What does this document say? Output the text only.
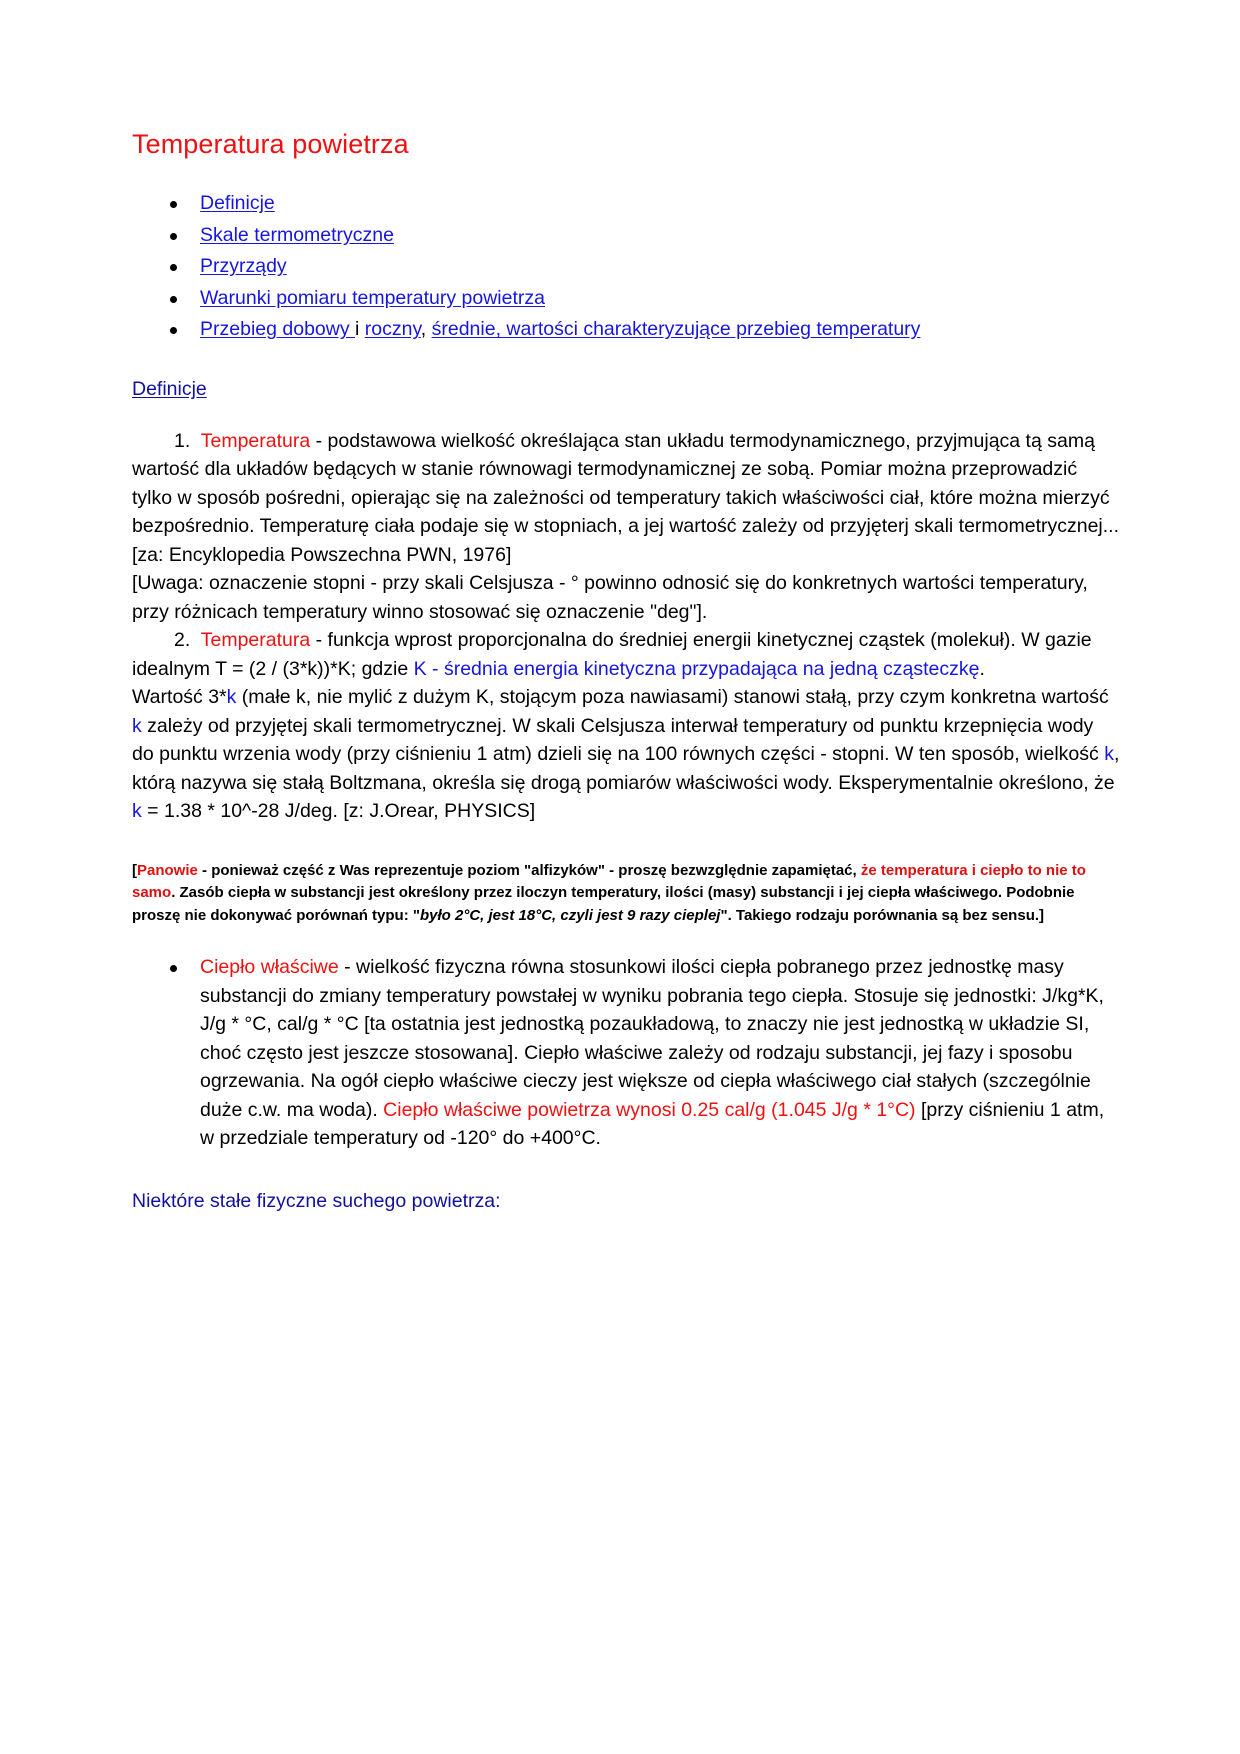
Temperatura powietrza
Definicje
Skale termometryczne
Przyrządy
Warunki pomiaru temperatury powietrza
Przebieg dobowy i roczny, średnie, wartości charakteryzujące przebieg temperatury
Definicje

1. Temperatura - podstawowa wielkość określająca stan układu termodynamicznego, przyjmująca tą samą wartość dla układów będących w stanie równowagi termodynamicznej ze sobą. Pomiar można przeprowadzić tylko w sposób pośredni, opierając się na zależności od temperatury takich właściwości ciał, które można mierzyć bezpośrednio. Temperaturę ciała podaje się w stopniach, a jej wartość zależy od przyjęterj skali termometrycznej... [za: Encyklopedia Powszechna PWN, 1976]

[Uwaga: oznaczenie stopni - przy skali Celsjusza - ° powinno odnosić się do konkretnych wartości temperatury, przy różnicach temperatury winno stosować się oznaczenie "deg"].

2. Temperatura - funkcja wprost proporcjonalna do średniej energii kinetycznej cząstek (molekuł). W gazie idealnym T = (2 / (3*k))*K; gdzie K - średnia energia kinetyczna przypadająca na jedną cząsteczkę.

Wartość 3*k (małe k, nie mylić z dużym K, stojącym poza nawiasami) stanowi stałą, przy czym konkretna wartość k zależy od przyjętej skali termometrycznej. W skali Celsjusza interwał temperatury od punktu krzepnięcia wody do punktu wrzenia wody (przy ciśnieniu 1 atm) dzieli się na 100 równych części - stopni. W ten sposób, wielkość k, którą nazywa się stałą Boltzmana, określa się drogą pomiarów właściwości wody. Eksperymentalnie określono, że k = 1.38 * 10^-28 J/deg. [z: J.Orear, PHYSICS]

[Panowie - ponieważ część z Was reprezentuje poziom "alfizyków" - proszę bezwzględnie zapamiętać, że temperatura i ciepło to nie to samo. Zasób ciepła w substancji jest określony przez iloczyn temperatury, ilości (masy) substancji i jej ciepła właściwego. Podobnie proszę nie dokonywać porównań typu: "było 2°C, jest 18°C, czyli jest 9 razy cieplej". Takiego rodzaju porównania są bez sensu.]

Ciepło właściwe - wielkość fizyczna równa stosunkowi ilości ciepła pobranego przez jednostkę masy substancji do zmiany temperatury powstałej w wyniku pobrania tego ciepła. Stosuje się jednostki: J/kg*K, J/g * °C, cal/g * °C [ta ostatnia jest jednostką pozaukładową, to znaczy nie jest jednostką w układzie SI, choć często jest jeszcze stosowana]. Ciepło właściwe zależy od rodzaju substancji, jej fazy i sposobu ogrzewania. Na ogół ciepło właściwe cieczy jest większe od ciepła właściwego ciał stałych (szczególnie duże c.w. ma woda). Ciepło właściwe powietrza wynosi 0.25 cal/g (1.045 J/g * 1°C) [przy ciśnieniu 1 atm, w przedziale temperatury od -120° do +400°C.

Niektóre stałe fizyczne suchego powietrza:
